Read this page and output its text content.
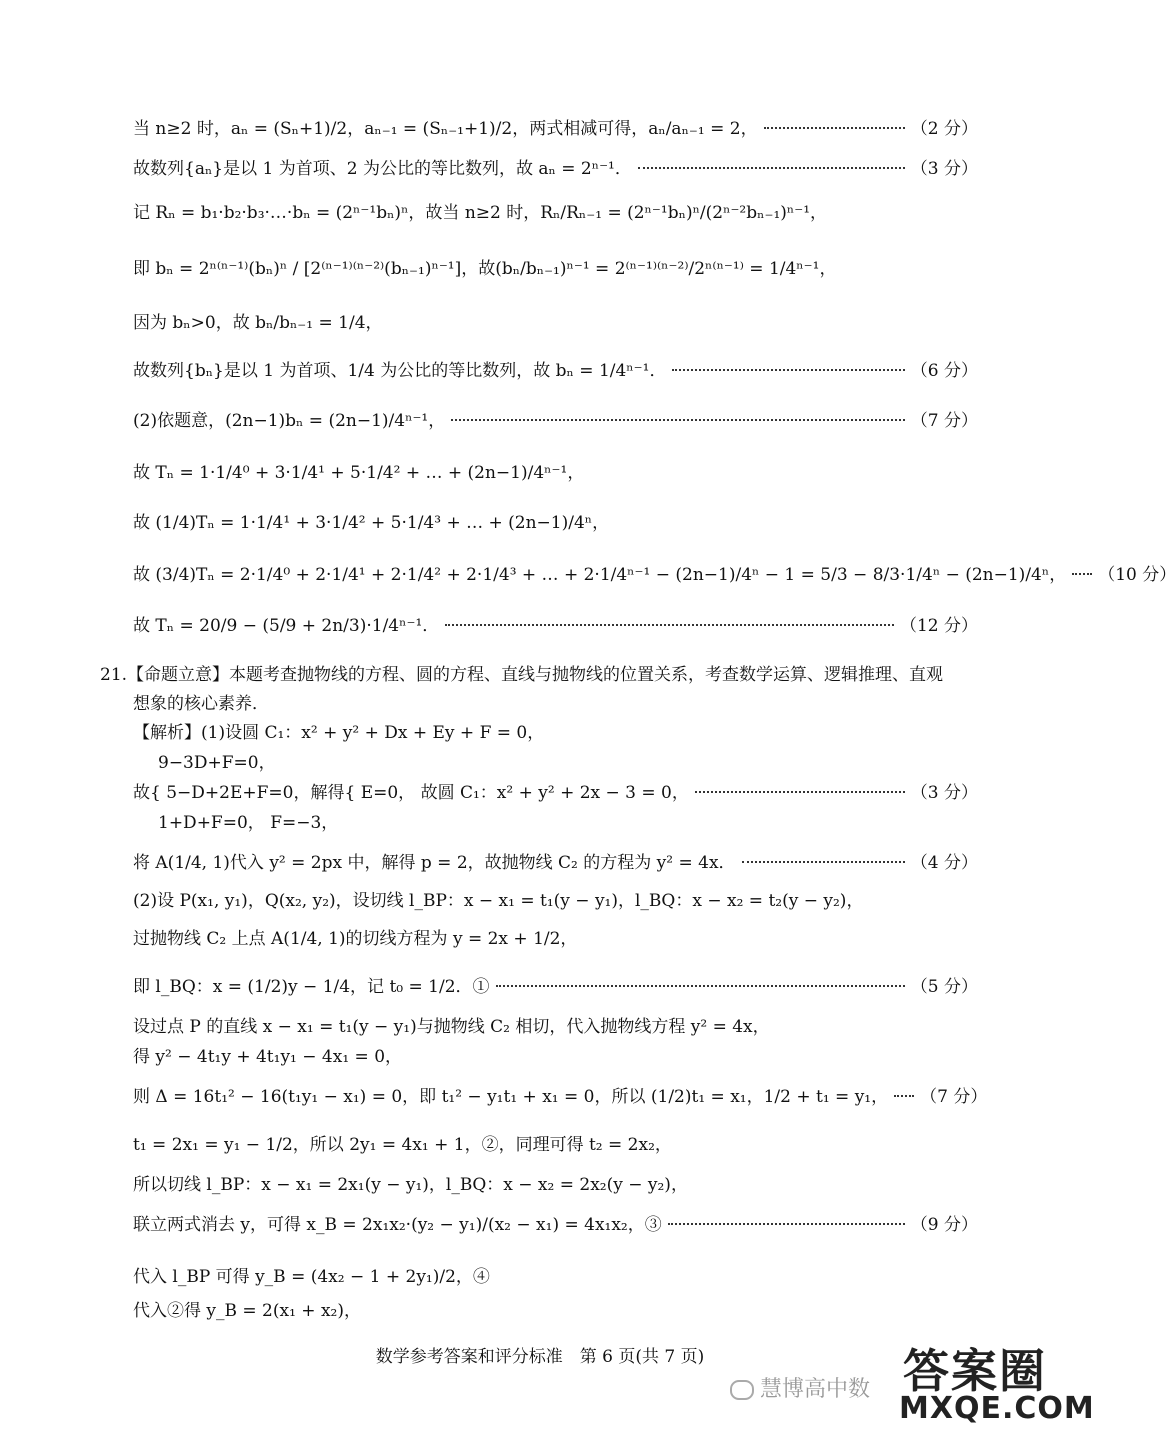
当 n≥2 时，aₙ = (Sₙ+1)/2，aₙ₋₁ = (Sₙ₋₁+1)/2，两式相减可得，aₙ/aₙ₋₁ = 2，	（2 分）
故数列{aₙ}是以 1 为首项、2 为公比的等比数列，故 aₙ = 2ⁿ⁻¹．	（3 分）
记 Rₙ = b₁·b₂·b₃·…·bₙ = (2ⁿ⁻¹bₙ)ⁿ，故当 n≥2 时，Rₙ/Rₙ₋₁ = (2ⁿ⁻¹bₙ)ⁿ/(2ⁿ⁻²bₙ₋₁)ⁿ⁻¹，
即 bₙ = 2ⁿ⁽ⁿ⁻¹⁾(bₙ)ⁿ / [2⁽ⁿ⁻¹⁾⁽ⁿ⁻²⁾(bₙ₋₁)ⁿ⁻¹]，故(bₙ/bₙ₋₁)ⁿ⁻¹ = 2⁽ⁿ⁻¹⁾⁽ⁿ⁻²⁾/2ⁿ⁽ⁿ⁻¹⁾ = 1/4ⁿ⁻¹，
因为 bₙ>0，故 bₙ/bₙ₋₁ = 1/4，
故数列{bₙ}是以 1 为首项、1/4 为公比的等比数列，故 bₙ = 1/4ⁿ⁻¹．	（6 分）
(2)依题意，(2n−1)bₙ = (2n−1)/4ⁿ⁻¹，	（7 分）
故 Tₙ = 1·1/4⁰ + 3·1/4¹ + 5·1/4² + … + (2n−1)/4ⁿ⁻¹，
故 (1/4)Tₙ = 1·1/4¹ + 3·1/4² + 5·1/4³ + … + (2n−1)/4ⁿ，
故 (3/4)Tₙ = 2·1/4⁰ + 2·1/4¹ + 2·1/4² + 2·1/4³ + … + 2·1/4ⁿ⁻¹ − (2n−1)/4ⁿ − 1 = 5/3 − 8/3·1/4ⁿ − (2n−1)/4ⁿ， （10 分）
故 Tₙ = 20/9 − (5/9 + 2n/3)·1/4ⁿ⁻¹．	（12 分）
21.【命题立意】本题考查抛物线的方程、圆的方程、直线与抛物线的位置关系，考查数学运算、逻辑推理、直观
想象的核心素养．
【解析】(1)设圆 C₁：x² + y² + Dx + Ey + F = 0，
9−3D+F=0，
故{ 5−D+2E+F=0，解得{ E=0， 故圆 C₁：x² + y² + 2x − 3 = 0，	（3 分）
1+D+F=0， F=−3，
将 A(1/4, 1)代入 y² = 2px 中，解得 p = 2，故抛物线 C₂ 的方程为 y² = 4x．	（4 分）
(2)设 P(x₁, y₁)，Q(x₂, y₂)，设切线 l_BP：x − x₁ = t₁(y − y₁)，l_BQ：x − x₂ = t₂(y − y₂)，
过抛物线 C₂ 上点 A(1/4, 1)的切线方程为 y = 2x + 1/2，
即 l_BQ：x = (1/2)y − 1/4，记 t₀ = 1/2．①	（5 分）
设过点 P 的直线 x − x₁ = t₁(y − y₁)与抛物线 C₂ 相切，代入抛物线方程 y² = 4x，
得 y² − 4t₁y + 4t₁y₁ − 4x₁ = 0，
则 Δ = 16t₁² − 16(t₁y₁ − x₁) = 0，即 t₁² − y₁t₁ + x₁ = 0，所以 (1/2)t₁ = x₁，1/2 + t₁ = y₁， （7 分）
t₁ = 2x₁ = y₁ − 1/2，所以 2y₁ = 4x₁ + 1，②，同理可得 t₂ = 2x₂，
所以切线 l_BP：x − x₁ = 2x₁(y − y₁)，l_BQ：x − x₂ = 2x₂(y − y₂)，
联立两式消去 y，可得 x_B = 2x₁x₂·(y₂ − y₁)/(x₂ − x₁) = 4x₁x₂，③	（9 分）
代入 l_BP 可得 y_B = (4x₂ − 1 + 2y₁)/2，④
代入②得 y_B = 2(x₁ + x₂)，
数学参考答案和评分标准　第 6 页(共 7 页)
慧博高中数 答案圈
MXQE.COM
